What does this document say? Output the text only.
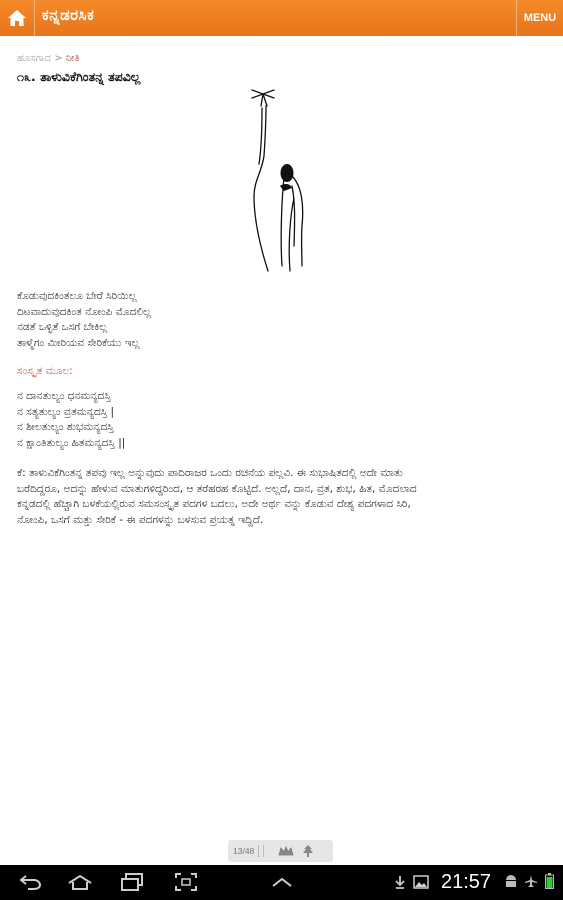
ಕನ್ನಡರಸಿಕ	MENU
ಹೂಸಗಾದ > ನೀತಿ
೧೩. ತಾಳುವಿಕೆಗಿಂತನ್ನ ತಪವಿಲ್ಲ
ಕೊಡುವುದಕಿಂತಲೂ ಬೇರೆ ಸಿರಿಯಿಲ್ಲ
ದಿಟವಾದುವುದಕಿಂತ ನೋಂಪಿ ಮೊದಲಿಲ್ಲ
ನಡತೆ ಒಳ್ಳಿತೆ ಒಸಗೆ ಬೇಕಿಲ್ಲ
ತಾಳ್ಮೆಗಂ ಮೀರಿಯವ ಸೇರಿಕೆಯು ಇಲ್ಲ
ಸಂಸ್ಕೃತ ಮೂಲ:
ನ ದಾನತುಲ್ಯಂ ಧನಮನ್ಯದಸ್ತಿ
ನ ಸತ್ಯತುಲ್ಯಂ ವ್ರತಮನ್ಯದಸ್ತಿ |
ನ ಶೀಲತುಲ್ಯಂ ಶುಭಮನ್ಯದಸ್ತಿ
ನ ಕ್ಷಾಂತಿತುಲ್ಯಂ ಹಿತಮನ್ಯದಸ್ತಿ ||
ಕೆ: ತಾಳುವಿಕೆಗಿಂತನ್ನ ತಪವು ಇಲ್ಲ ಅನ್ನುವುದು ಪಾದಿರಾಜರ ಒಂದು ರಚನೆಯ ಪಲ್ಲವಿ. ಈ ಸುಭಾಷಿತದಲ್ಲಿ ಅದೇ ಮಾತು
ಬರೆದಿದ್ದರೂ, ಅದನ್ನು ಹೇಳುವ ಮಾತುಗಳಿದ್ದರಿಂದ, ಆ ತರೆಹರಹ ಕೊಟ್ಟಿದೆ. ಅಲ್ಲದೆ, ದಾನ, ವ್ರತ, ಶುಭ, ಹಿತ, ಮೊದಲಾದ
ಕನ್ನಡದಲ್ಲಿ ಹೆಚ್ಚಾಗಿ ಬಳಕೆಯಲ್ಲಿರುವ ಸಮಸಂಸ್ಕೃತ ಪದಗಳ ಬದಲು, ಅದೇ ಅರ್ಥ ವನ್ನು ಕೊಡುವ ದೇಶ್ಯ ಪದಗಳಾದ ಸಿರಿ,
ನೋಂಪಿ, ಒಸಗೆ ಮತ್ತು ಸೇರಿಕೆ - ಈ ಪದಗಳನ್ನು ಬಳಸುವ ಪ್ರಯತ್ನ ಇದ್ದಿದೆ.
13/48
21:57
